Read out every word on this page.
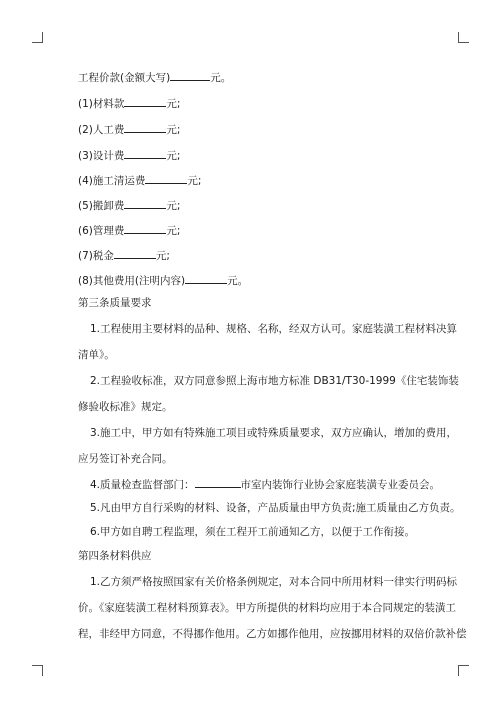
工程价款(金额大写)	元。
(1)材料款	元;
(2)人工费	元;
(3)设计费	元;
(4)施工清运费	元;
(5)搬卸费	元;
(6)管理费	元;
(7)税金	元;
(8)其他费用(注明内容)	元。
第三条质量要求
1.工程使用主要材料的品种、规格、名称，经双方认可。家庭装潢工程材料决算
清单》。
2.工程验收标准，双方同意参照上海市地方标准 DB31/T30-1999《住宅装饰装
修验收标准》规定。
3.施工中，甲方如有特殊施工项目或特殊质量要求，双方应确认，增加的费用，
应另签订补充合同。
4.质量检查监督部门：	市室内装饰行业协会家庭装潢专业委员会。
5.凡由甲方自行采购的材料、设备，产品质量由甲方负责;施工质量由乙方负责。
6.甲方如自聘工程监理，须在工程开工前通知乙方，以便于工作衔接。
第四条材料供应
1.乙方须严格按照国家有关价格条例规定，对本合同中所用材料一律实行明码标
价。《家庭装潢工程材料预算表》。甲方所提供的材料均应用于本合同规定的装潢工
程，非经甲方同意，不得挪作他用。乙方如挪作他用，应按挪用材料的双倍价款补偿
